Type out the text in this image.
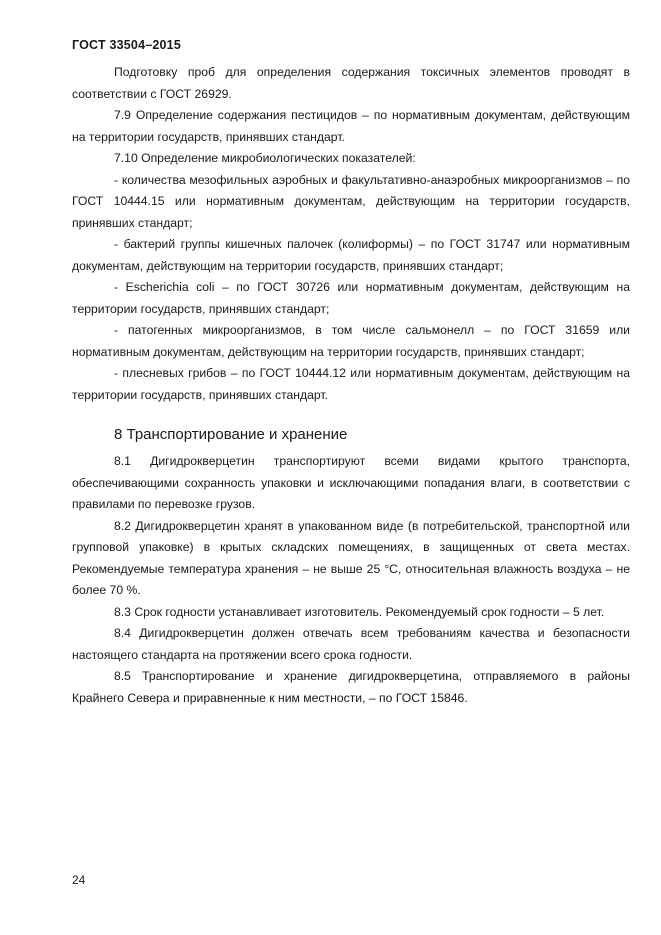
ГОСТ 33504–2015

Подготовку проб для определения содержания токсичных элементов проводят в соответствии с ГОСТ 26929.

7.9 Определение содержания пестицидов – по нормативным документам, действующим на территории государств, принявших стандарт.

7.10 Определение микробиологических показателей:

- количества мезофильных аэробных и факультативно-анаэробных микроорганизмов – по ГОСТ 10444.15 или нормативным документам, действующим на территории государств, принявших стандарт;

- бактерий группы кишечных палочек (колиформы) – по ГОСТ 31747 или нормативным документам, действующим на территории государств, принявших стандарт;

- Escherichia coli – по ГОСТ 30726 или нормативным документам, действующим на территории государств, принявших стандарт;

- патогенных микроорганизмов, в том числе сальмонелл – по ГОСТ 31659 или нормативным документам, действующим на территории государств, принявших стандарт;

- плесневых грибов – по ГОСТ 10444.12 или нормативным документам, действующим на территории государств, принявших стандарт.

8 Транспортирование и хранение

8.1 Дигидрокверцетин транспортируют всеми видами крытого транспорта, обеспечивающими сохранность упаковки и исключающими попадания влаги, в соответствии с правилами по перевозке грузов.

8.2 Дигидрокверцетин хранят в упакованном виде (в потребительской, транспортной или групповой упаковке) в крытых складских помещениях, в защищенных от света местах. Рекомендуемые температура хранения – не выше 25 °С, относительная влажность воздуха – не более 70 %.

8.3 Срок годности устанавливает изготовитель. Рекомендуемый срок годности – 5 лет.

8.4 Дигидрокверцетин должен отвечать всем требованиям качества и безопасности настоящего стандарта на протяжении всего срока годности.

8.5 Транспортирование и хранение дигидрокверцетина, отправляемого в районы Крайнего Севера и приравненные к ним местности, – по ГОСТ 15846.

24
